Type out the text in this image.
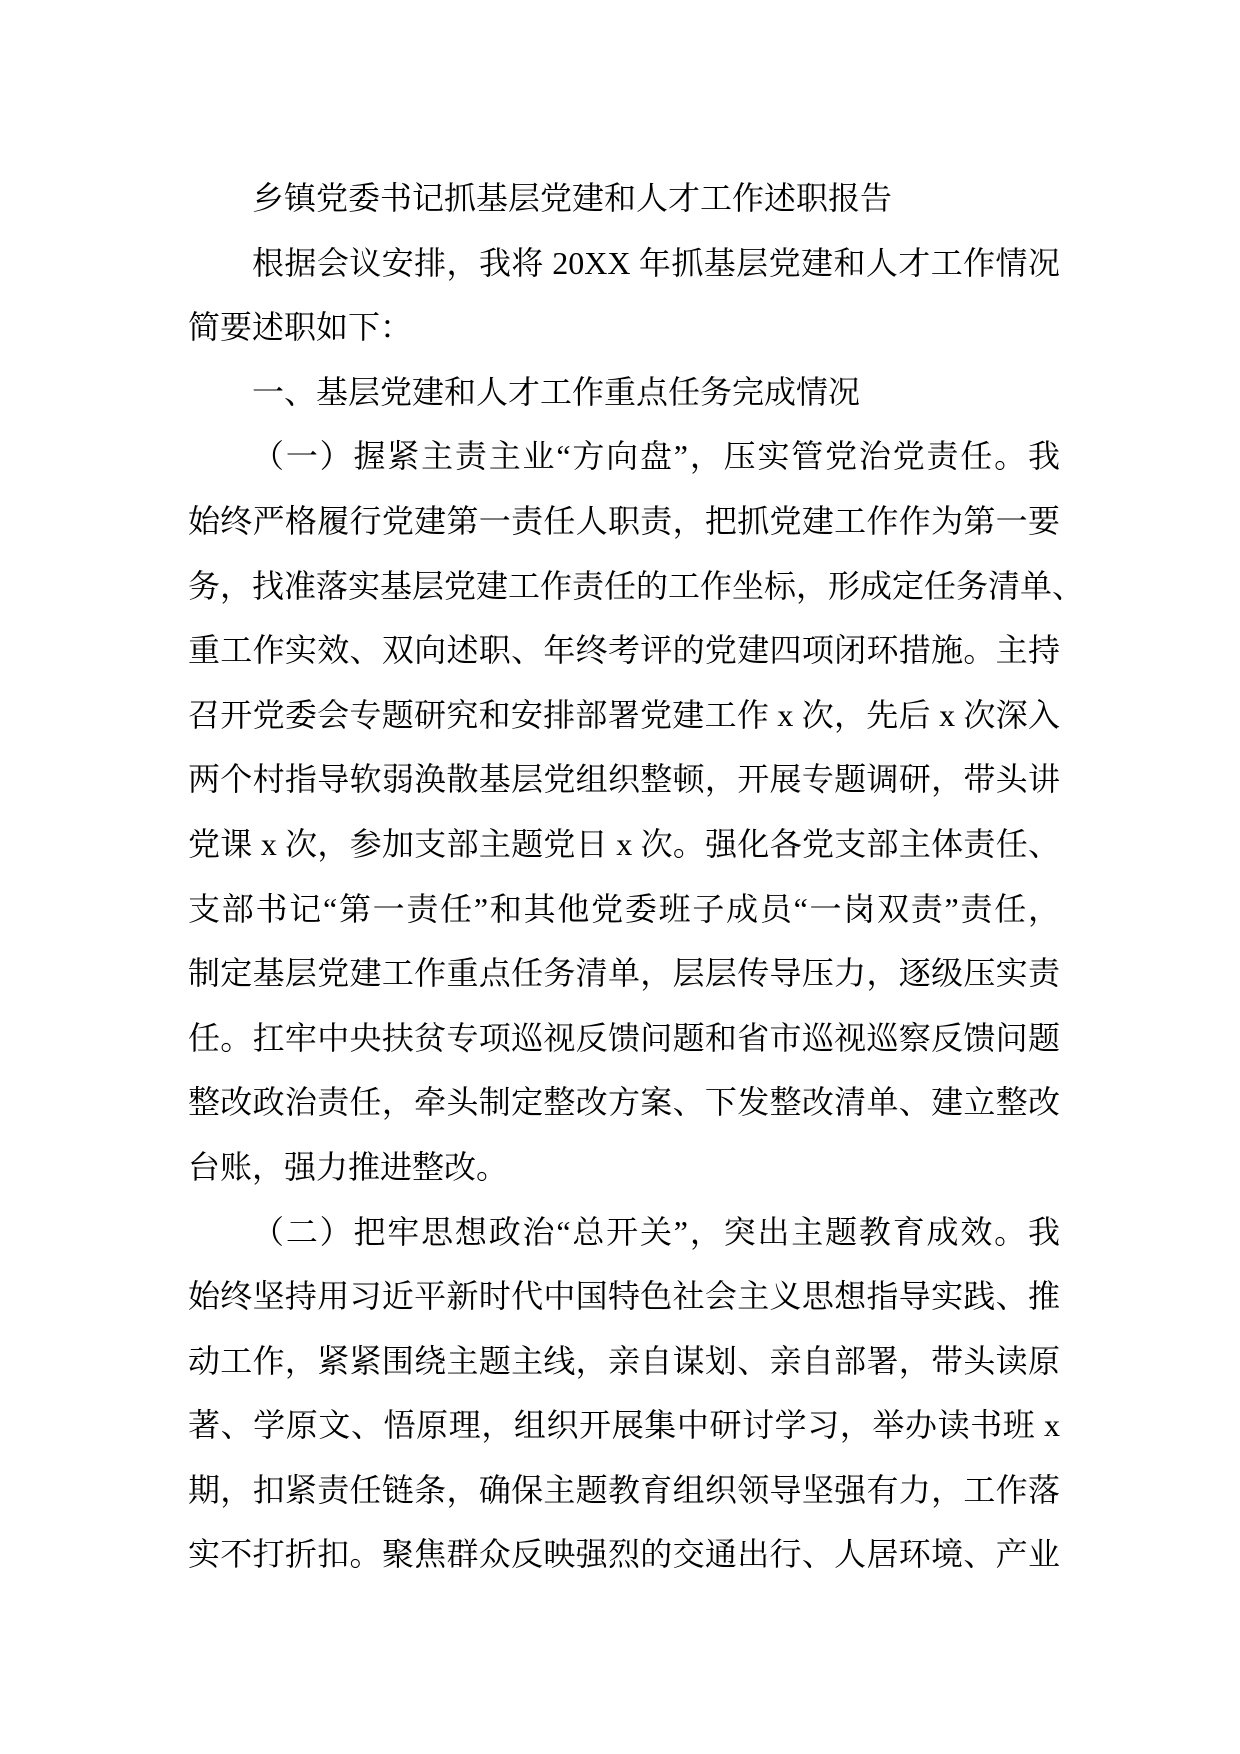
乡镇党委书记抓基层党建和人才工作述职报告
根据会议安排，我将 20XX 年抓基层党建和人才工作情况
简要述职如下：
一、基层党建和人才工作重点任务完成情况
（一）握紧主责主业“方向盘”，压实管党治党责任。我
始终严格履行党建第一责任人职责，把抓党建工作作为第一要
务，找准落实基层党建工作责任的工作坐标，形成定任务清单、
重工作实效、双向述职、年终考评的党建四项闭环措施。主持
召开党委会专题研究和安排部署党建工作 x 次，先后 x 次深入
两个村指导软弱涣散基层党组织整顿，开展专题调研，带头讲
党课 x 次，参加支部主题党日 x 次。强化各党支部主体责任、
支部书记“第一责任”和其他党委班子成员“一岗双责”责任，
制定基层党建工作重点任务清单，层层传导压力，逐级压实责
任。扛牢中央扶贫专项巡视反馈问题和省市巡视巡察反馈问题
整改政治责任，牵头制定整改方案、下发整改清单、建立整改
台账，强力推进整改。
（二）把牢思想政治“总开关”，突出主题教育成效。我
始终坚持用习近平新时代中国特色社会主义思想指导实践、推
动工作，紧紧围绕主题主线，亲自谋划、亲自部署，带头读原
著、学原文、悟原理，组织开展集中研讨学习，举办读书班 x
期，扣紧责任链条，确保主题教育组织领导坚强有力，工作落
实不打折扣。聚焦群众反映强烈的交通出行、人居环境、产业
